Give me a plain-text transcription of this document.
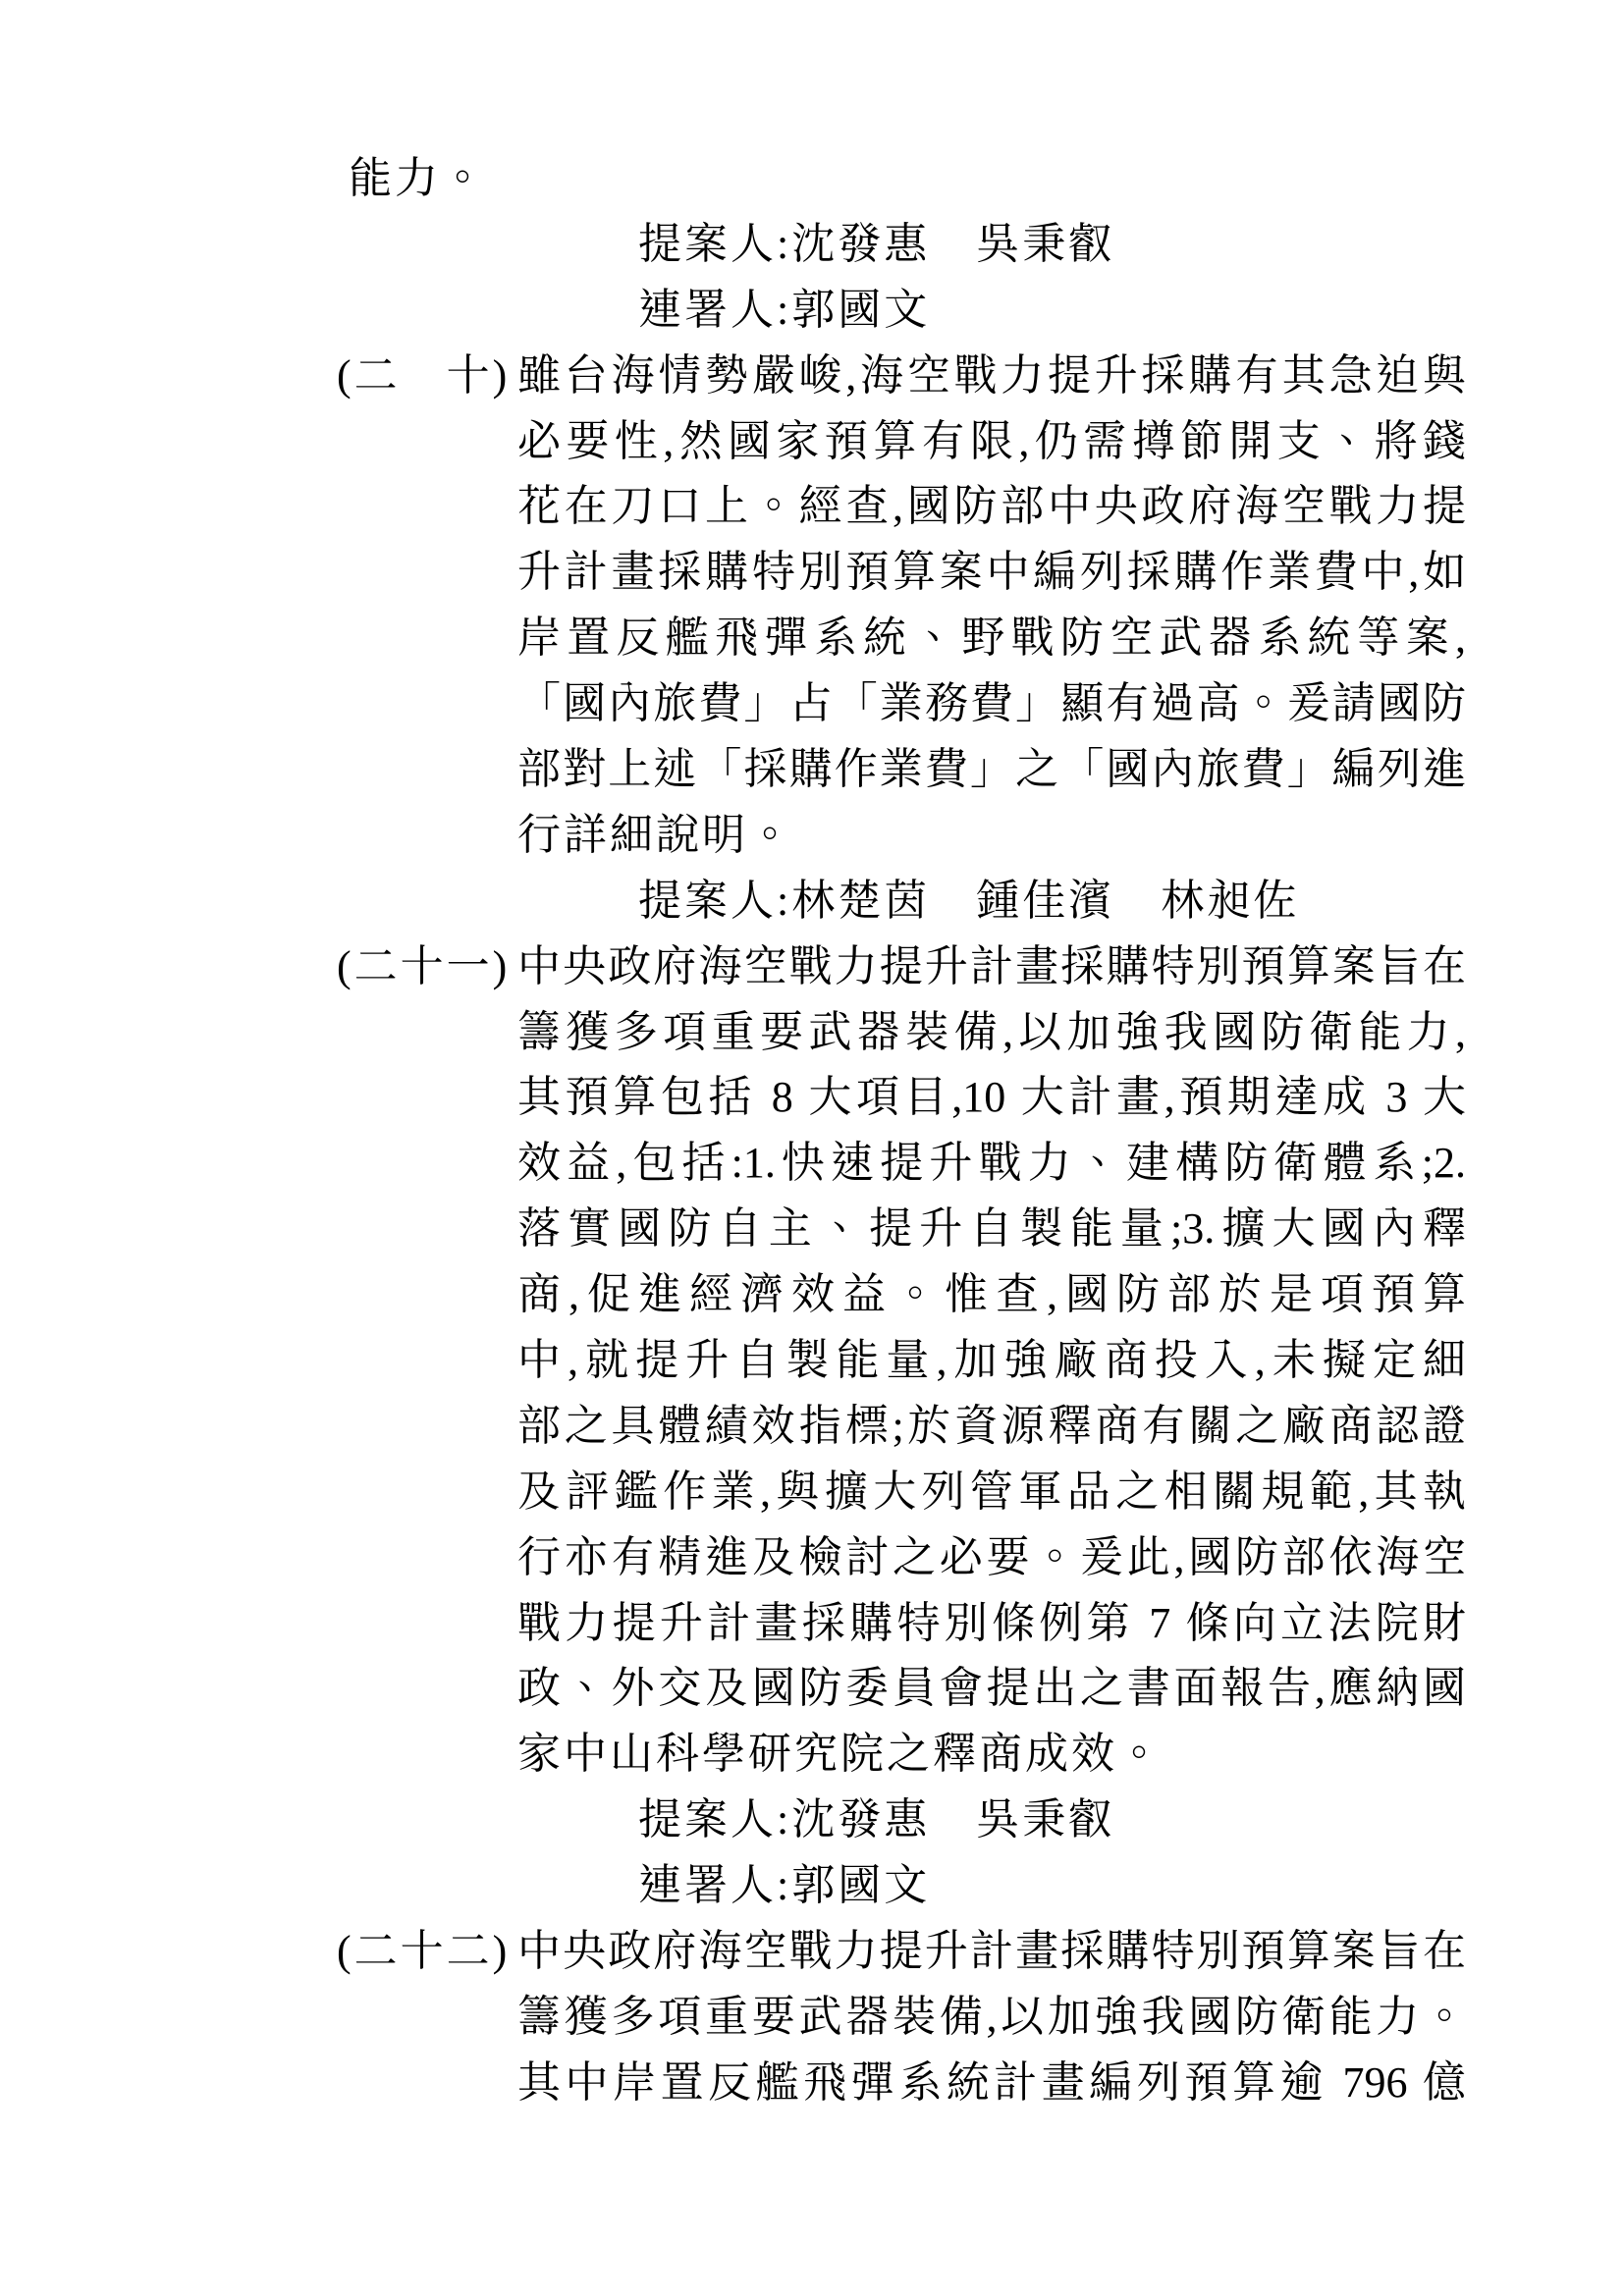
能力。
提案人:沈發惠　吳秉叡
連署人:郭國文
(二　十) 雖台海情勢嚴峻,海空戰力提升採購有其急迫與
必要性,然國家預算有限,仍需撙節開支、將錢
花在刀口上。經查,國防部中央政府海空戰力提
升計畫採購特別預算案中編列採購作業費中,如
岸置反艦飛彈系統、野戰防空武器系統等案,
「國內旅費」占「業務費」顯有過高。爰請國防
部對上述「採購作業費」之「國內旅費」編列進
行詳細說明。
提案人:林楚茵　鍾佳濱　林昶佐
(二十一) 中央政府海空戰力提升計畫採購特別預算案旨在
籌獲多項重要武器裝備,以加強我國防衛能力,
其預算包括 8 大項目,10 大計畫,預期達成 3 大
效益,包括:1.快速提升戰力、建構防衛體系;2.
落實國防自主、提升自製能量;3.擴大國內釋
商,促進經濟效益。惟查,國防部於是項預算
中,就提升自製能量,加強廠商投入,未擬定細
部之具體績效指標;於資源釋商有關之廠商認證
及評鑑作業,與擴大列管軍品之相關規範,其執
行亦有精進及檢討之必要。爰此,國防部依海空
戰力提升計畫採購特別條例第 7 條向立法院財
政、外交及國防委員會提出之書面報告,應納國
家中山科學研究院之釋商成效。
提案人:沈發惠　吳秉叡
連署人:郭國文
(二十二) 中央政府海空戰力提升計畫採購特別預算案旨在
籌獲多項重要武器裝備,以加強我國防衛能力。
其中岸置反艦飛彈系統計畫編列預算逾 796 億
